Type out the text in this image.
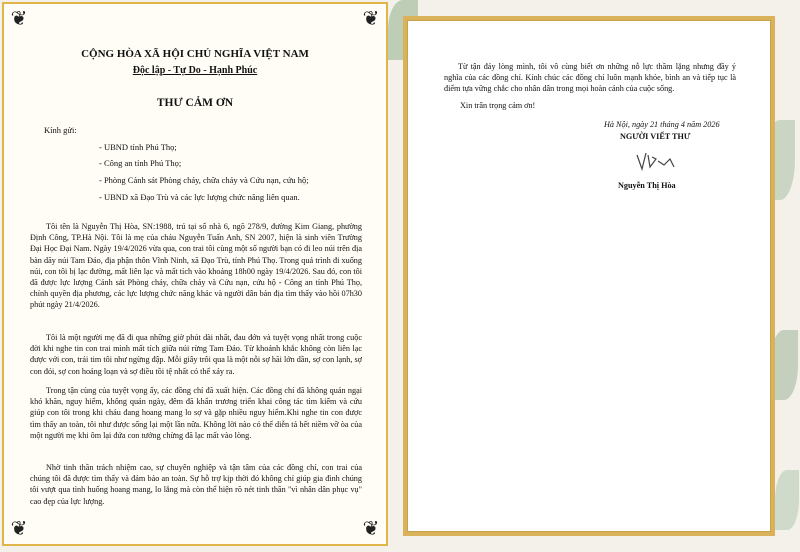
❦	❦
❦	❦
CỘNG HÒA XÃ HỘI CHỦ NGHĨA VIỆT NAM
Độc lập - Tự Do - Hạnh Phúc
THƯ CẢM ƠN
Kính gửi:
- UBND tỉnh Phú Thọ;
- Công an tỉnh Phú Thọ;
- Phòng Cảnh sát Phòng cháy, chữa cháy và Cứu nạn, cứu hộ;
- UBND xã Đạo Trù và các lực lượng chức năng liên quan.
Tôi tên là Nguyễn Thị Hòa, SN:1988, trú tại số nhà 6, ngõ 278/9, đường Kim Giang, phường Định Công, TP.Hà Nội. Tôi là mẹ của cháu Nguyễn Tuấn Anh, SN 2007, hiện là sinh viên Trường Đại Học Đại Nam. Ngày 19/4/2026 vừa qua, con trai tôi cùng một số người bạn có đi leo núi trên địa bàn dãy núi Tam Đảo, địa phận thôn Vĩnh Ninh, xã Đạo Trù, tỉnh Phú Thọ. Trong quá trình đi xuống núi, con tôi bị lạc đường, mất liên lạc và mất tích vào khoảng 18h00 ngày 19/4/2026. Sau đó, con tôi đã được lực lượng Cảnh sát Phòng cháy, chữa cháy và Cứu nạn, cứu hộ - Công an tỉnh Phú Thọ, chính quyền địa phương, các lực lượng chức năng khác và người dân bản địa tìm thấy vào hồi 07h30 phút ngày 21/4/2026.
Tôi là một người mẹ đã đi qua những giờ phút dài nhất, đau đớn và tuyệt vọng nhất trong cuộc đời khi nghe tin con trai mình mất tích giữa núi rừng Tam Đảo. Từ khoảnh khắc không còn liên lạc được với con, trái tim tôi như ngừng đập. Mỗi giây trôi qua là một nỗi sợ hãi lớn dần, sợ con lạnh, sợ con đói, sợ con hoảng loạn và sợ điều tồi tệ nhất có thể xảy ra.
Trong tận cùng của tuyệt vọng ấy, các đồng chí đã xuất hiện. Các đồng chí đã không quản ngại khó khăn, nguy hiểm, không quản ngày, đêm đã khẩn trương triển khai công tác tìm kiếm và cứu giúp con tôi trong khi cháu đang hoang mang lo sợ và gặp nhiều nguy hiểm.Khi nghe tin con được tìm thấy an toàn, tôi như được sống lại một lần nữa. Không lời nào có thể diễn tả hết niềm vỡ òa của một người mẹ khi ôm lại đứa con tưởng chừng đã lạc mất vào lòng.
Nhờ tinh thần trách nhiệm cao, sự chuyên nghiệp và tận tâm của các đồng chí, con trai của chúng tôi đã được tìm thấy và đảm bảo an toàn. Sự hỗ trợ kịp thời đó không chỉ giúp gia đình chúng tôi vượt qua tình huống hoang mang, lo lắng mà còn thể hiện rõ nét tinh thần "vì nhân dân phục vụ" cao đẹp của lực lượng.
Từ tận đáy lòng mình, tôi vô cùng biết ơn những nỗ lực thầm lặng nhưng đầy ý nghĩa của các đồng chí. Kính chúc các đồng chí luôn mạnh khỏe, bình an và tiếp tục là điểm tựa vững chắc cho nhân dân trong mọi hoàn cảnh của cuộc sống.
Xin trân trọng cảm ơn!
Hà Nội, ngày 21 tháng 4 năm 2026
NGƯỜI VIẾT THƯ
Nguyễn Thị Hòa
